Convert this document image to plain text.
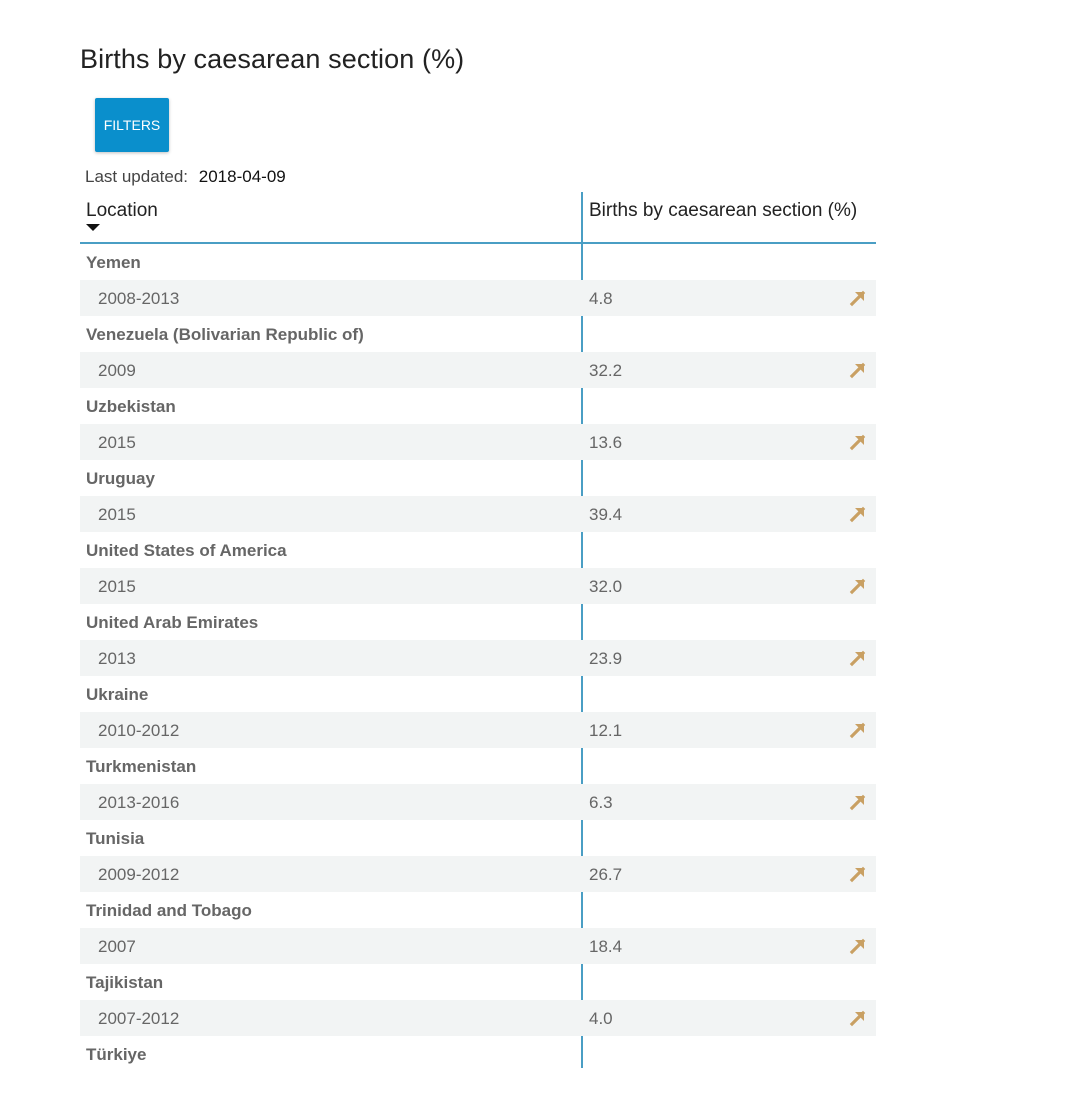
Births by caesarean section (%)
FILTERS
Last updated: 2018-04-09
Location	Births by caesarean section (%)
Yemen
2008-2013	4.8
Venezuela (Bolivarian Republic of)
2009	32.2
Uzbekistan
2015	13.6
Uruguay
2015	39.4
United States of America
2015	32.0
United Arab Emirates
2013	23.9
Ukraine
2010-2012	12.1
Turkmenistan
2013-2016	6.3
Tunisia
2009-2012	26.7
Trinidad and Tobago
2007	18.4
Tajikistan
2007-2012	4.0
Türkiye
